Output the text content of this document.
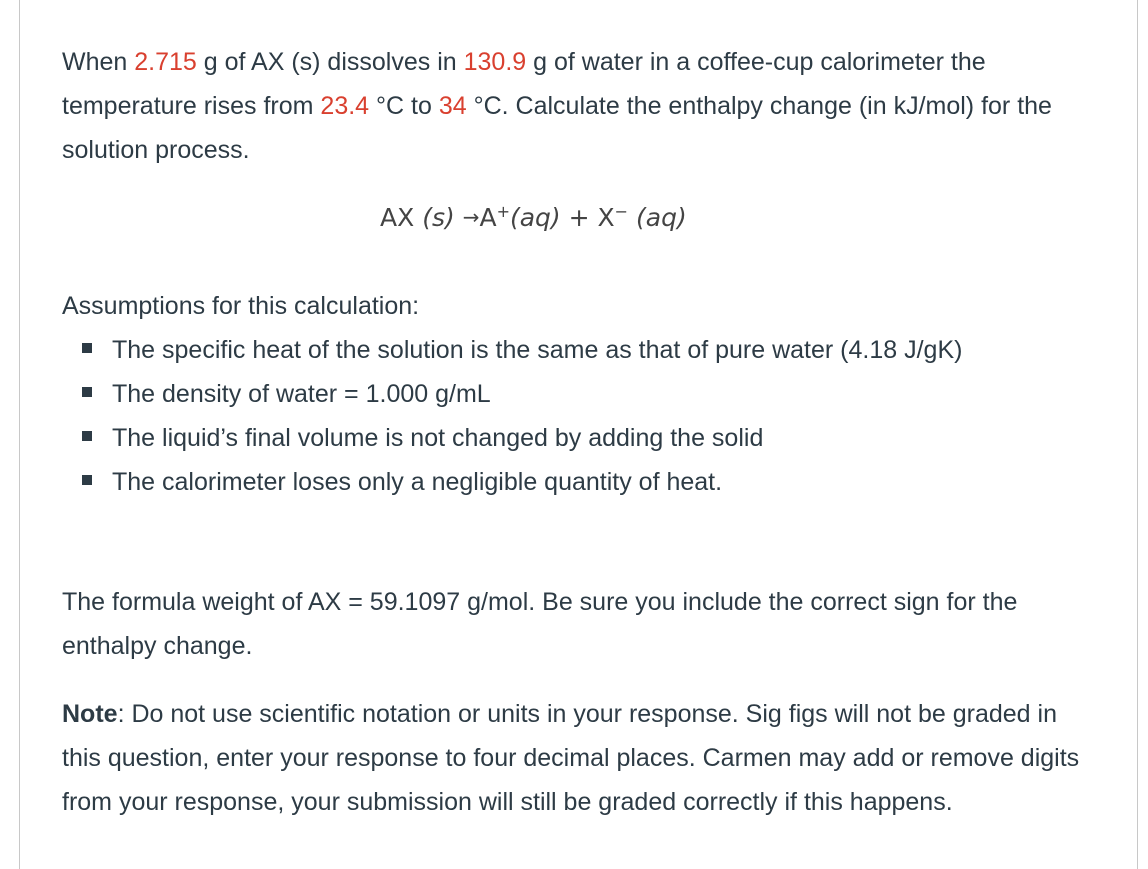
When 2.715 g of AX (s) dissolves in 130.9 g of water in a coffee-cup calorimeter the temperature rises from 23.4 °C to 34 °C. Calculate the enthalpy change (in kJ/mol) for the solution process.

AX (s) →A+(aq) + X− (aq)

Assumptions for this calculation:

The specific heat of the solution is the same as that of pure water (4.18 J/gK)
The density of water = 1.000 g/mL
The liquid’s final volume is not changed by adding the solid
The calorimeter loses only a negligible quantity of heat.

The formula weight of AX = 59.1097 g/mol. Be sure you include the correct sign for the enthalpy change.

Note: Do not use scientific notation or units in your response. Sig figs will not be graded in this question, enter your response to four decimal places. Carmen may add or remove digits from your response, your submission will still be graded correctly if this happens.
